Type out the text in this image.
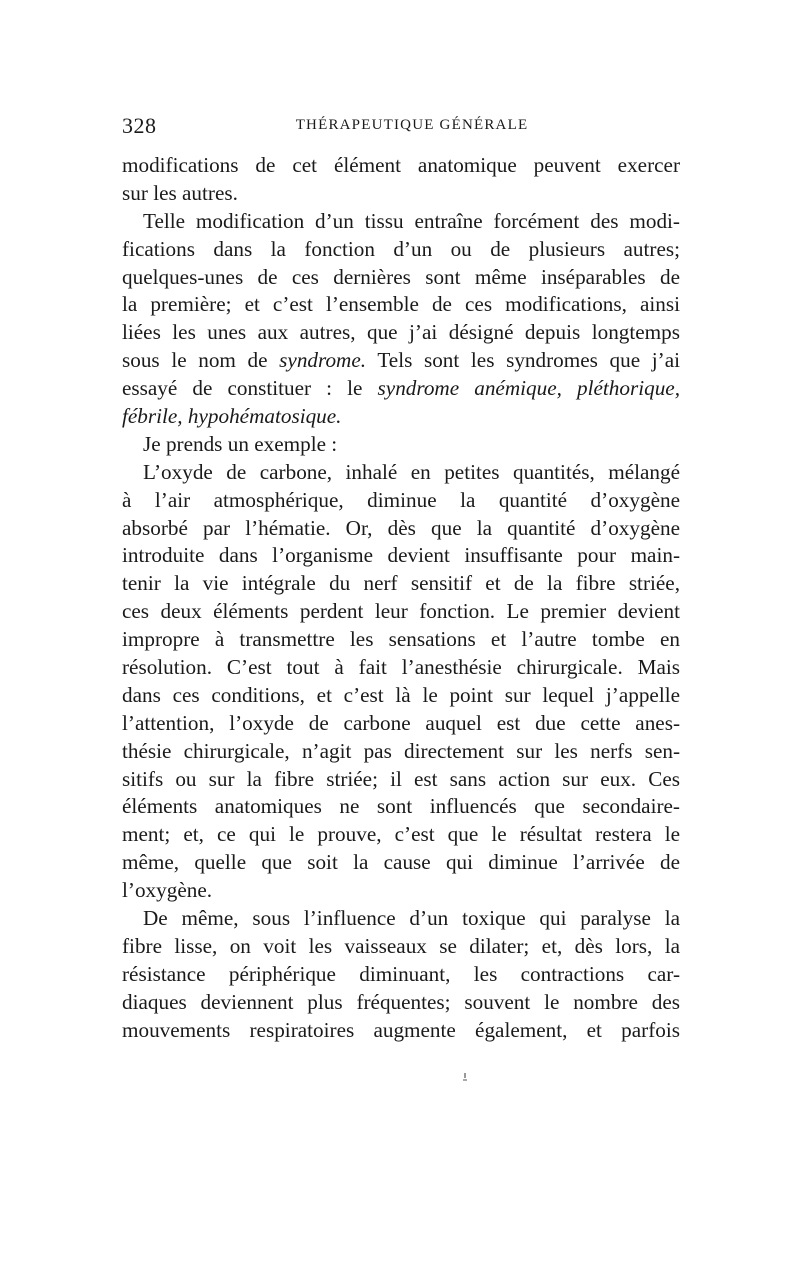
328	THÉRAPEUTIQUE GÉNÉRALE
modifications de cet élément anatomique peuvent exercer
sur les autres.
Telle modification d’un tissu entraîne forcément des modi-
fications dans la fonction d’un ou de plusieurs autres;
quelques-unes de ces dernières sont même inséparables de
la première; et c’est l’ensemble de ces modifications, ainsi
liées les unes aux autres, que j’ai désigné depuis longtemps
sous le nom de syndrome. Tels sont les syndromes que j’ai
essayé de constituer : le syndrome anémique, pléthorique,
fébrile, hypohématosique.
Je prends un exemple :
L’oxyde de carbone, inhalé en petites quantités, mélangé
à l’air atmosphérique, diminue la quantité d’oxygène
absorbé par l’hématie. Or, dès que la quantité d’oxygène
introduite dans l’organisme devient insuffisante pour main-
tenir la vie intégrale du nerf sensitif et de la fibre striée,
ces deux éléments perdent leur fonction. Le premier devient
impropre à transmettre les sensations et l’autre tombe en
résolution. C’est tout à fait l’anesthésie chirurgicale. Mais
dans ces conditions, et c’est là le point sur lequel j’appelle
l’attention, l’oxyde de carbone auquel est due cette anes-
thésie chirurgicale, n’agit pas directement sur les nerfs sen-
sitifs ou sur la fibre striée; il est sans action sur eux. Ces
éléments anatomiques ne sont influencés que secondaire-
ment; et, ce qui le prouve, c’est que le résultat restera le
même, quelle que soit la cause qui diminue l’arrivée de
l’oxygène.
De même, sous l’influence d’un toxique qui paralyse la
fibre lisse, on voit les vaisseaux se dilater; et, dès lors, la
résistance périphérique diminuant, les contractions car-
diaques deviennent plus fréquentes; souvent le nombre des
mouvements respiratoires augmente également, et parfois
